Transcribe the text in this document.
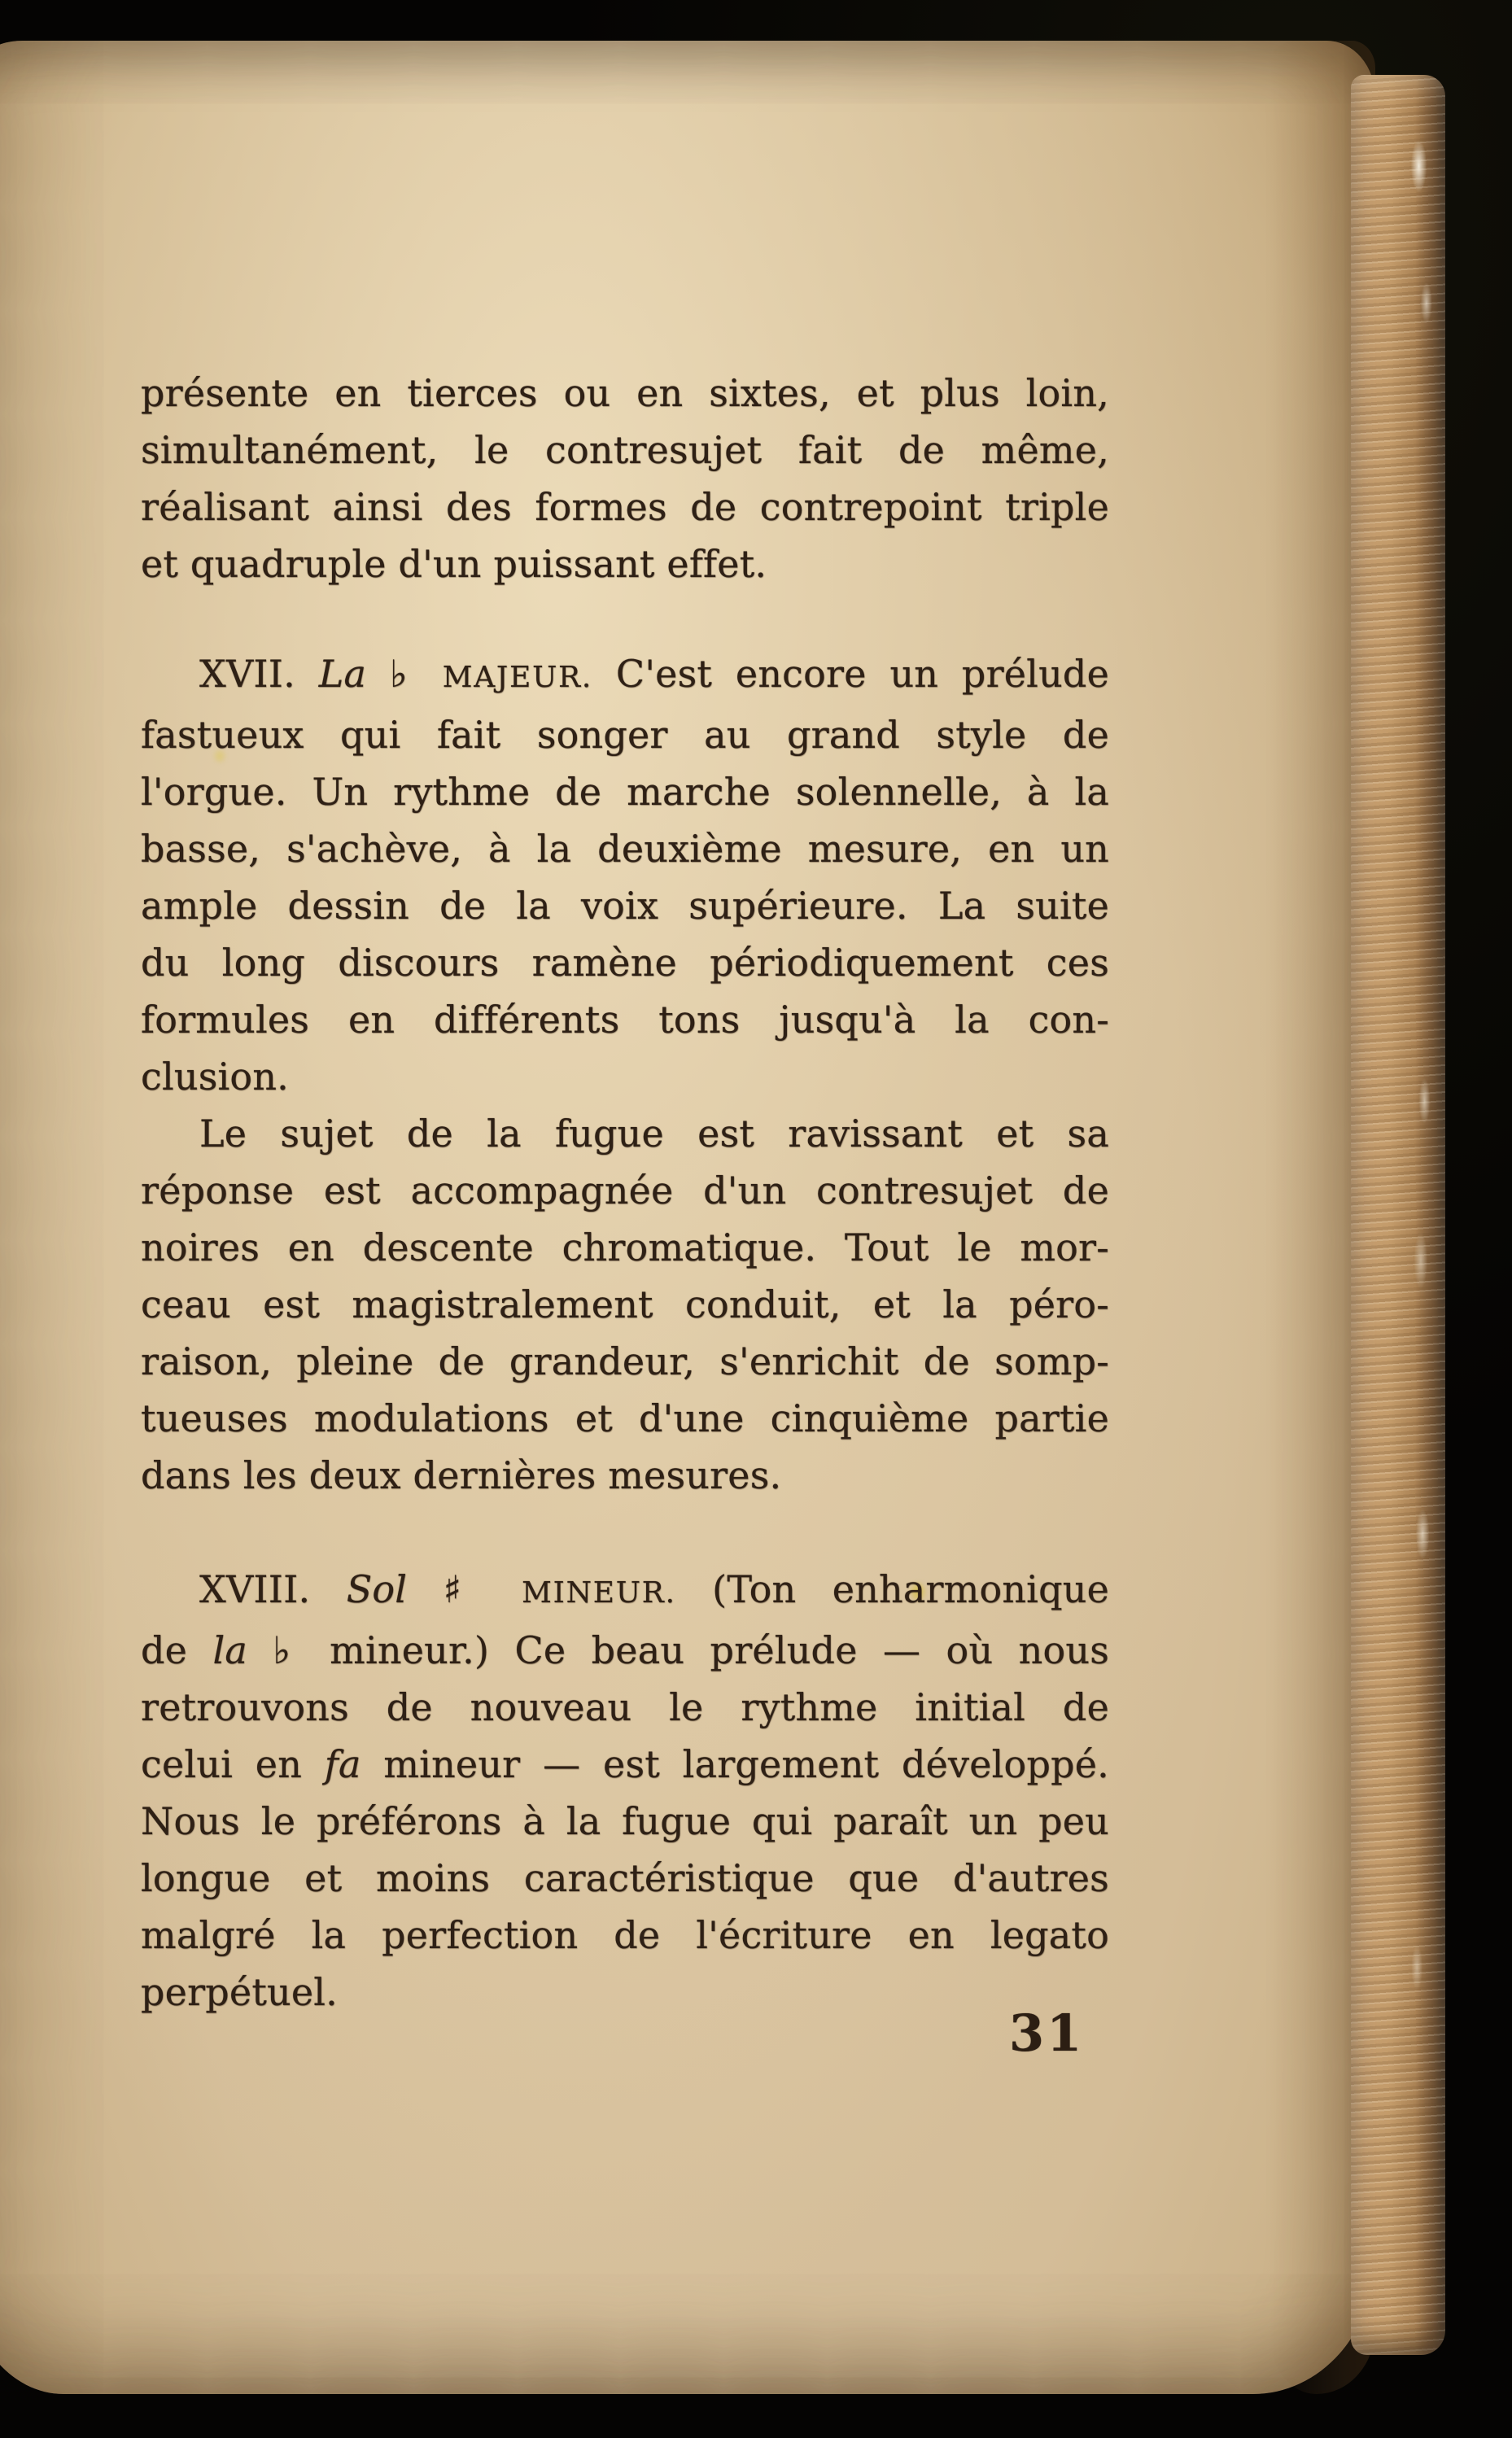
présente en tierces ou en sixtes, et plus loin,
simultanément, le contresujet fait de même,
réalisant ainsi des formes de contrepoint triple
et quadruple d'un puissant effet.
XVII. La ♭ MAJEUR. C'est encore un prélude
fastueux qui fait songer au grand style de
l'orgue. Un rythme de marche solennelle, à la
basse, s'achève, à la deuxième mesure, en un
ample dessin de la voix supérieure. La suite
du long discours ramène périodiquement ces
formules en différents tons jusqu'à la con-
clusion.
Le sujet de la fugue est ravissant et sa
réponse est accompagnée d'un contresujet de
noires en descente chromatique. Tout le mor-
ceau est magistralement conduit, et la péro-
raison, pleine de grandeur, s'enrichit de somp-
tueuses modulations et d'une cinquième partie
dans les deux dernières mesures.
XVIII. Sol ♯ MINEUR. (Ton enharmonique
de la ♭ mineur.) Ce beau prélude — où nous
retrouvons de nouveau le rythme initial de
celui en fa mineur — est largement développé.
Nous le préférons à la fugue qui paraît un peu
longue et moins caractéristique que d'autres
malgré la perfection de l'écriture en legato
perpétuel.
31
